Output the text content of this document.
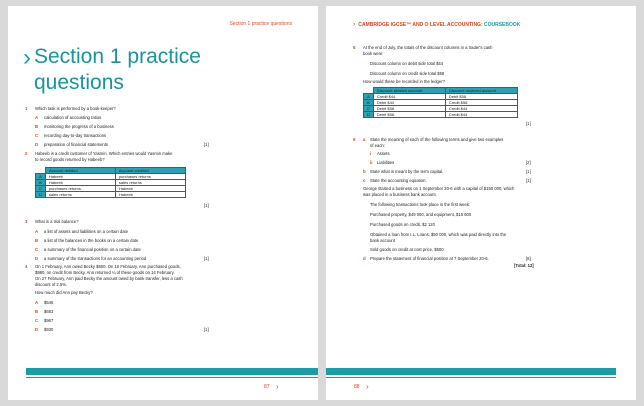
Section 1 practice questions
› Section 1 practice questions
1 Which task is performed by a book-keeper?
A calculation of accounting ratios
B monitoring the progress of a business
C recording day-to-day transactions
D preparation of financial statements	[1]
2 Habeeb is a credit customer of Yasmin. Which entries would Yasmin make
to record goods returned by Habeeb?
	Account debited	Account credited
A	Habeeb	purchases returns
B	Habeeb	sales returns
C	purchases returns	Habeeb
D	sales returns	Habeeb
[1]
3 What is a trial balance?
A a list of assets and liabilities on a certain date
B a list of the balances in the books on a certain date
C a summary of the financial position on a certain date
D a summary of the transactions for an accounting period	[1]
4 On 1 February, Ann owed Becky $500. On 10 February, Ann purchased goods,
$980, on credit from Becky. Ann returned ¼ of these goods on 14 February.
On 27 February, Ann paid Becky the amount owed by bank transfer, less a cash
discount of 2.5%.
How much did Ann pay Becky?
A $546
B $683
C $967
D $930	[1]
87 ›
› CAMBRIDGE IGCSE™ AND O LEVEL ACCOUNTING: COURSEBOOK
5 At the end of July, the totals of the discount columns in a trader's cash
book were:
Discount column on debit side total $44
Discount column on credit side total $58
How would these be recorded in the ledger?
	Discount allowed account	Discount received account
A	Credit $44	Debit $58
B	Debit $44	Credit $58
C	Debit $58	Credit $44
D	Debit $58	Credit $44
[1]
6 a State the meaning of each of the following terms and give two examples
of each:
i Assets
ii Liabilities	[2]
b State what is meant by the term capital.	[1]
c State the accounting equation.	[1]
George started a business on 1 September 20-6 with a capital of $150 000, which
was placed in a business bank account.
The following transactions took place in the first week:
Purchased property, $49 000, and equipment, $15 600
Purchased goods on credit, $2 120
Obtained a loan from I.L. Loans, $50 000, which was paid directly into the
bank account
Sold goods on credit at cost price, $500
d Prepare the statement of financial position at 7 September 20-6.	[8]
[Total: 12]
88 ›
